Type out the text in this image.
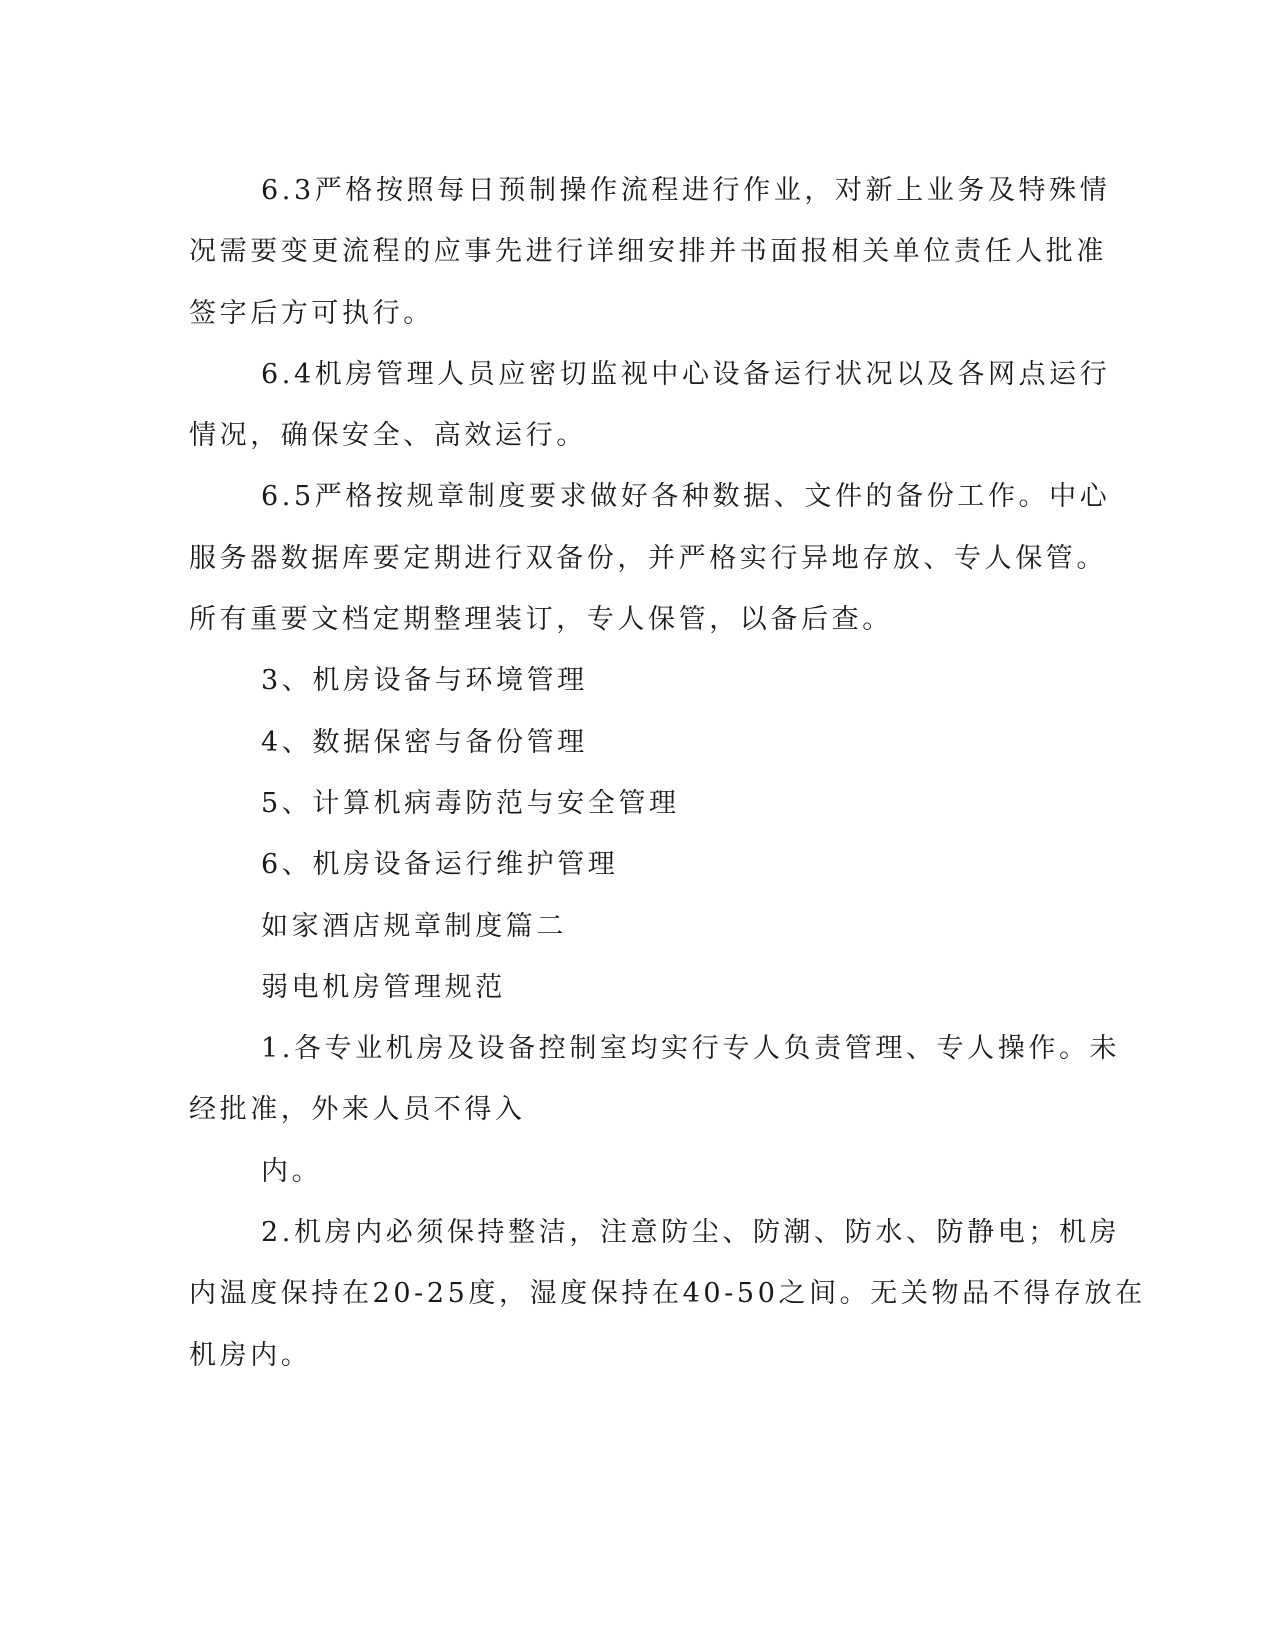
6.3严格按照每日预制操作流程进行作业，对新上业务及特殊情
况需要变更流程的应事先进行详细安排并书面报相关单位责任人批准
签字后方可执行。
6.4机房管理人员应密切监视中心设备运行状况以及各网点运行
情况，确保安全、高效运行。
6.5严格按规章制度要求做好各种数据、文件的备份工作。中心
服务器数据库要定期进行双备份，并严格实行异地存放、专人保管。
所有重要文档定期整理装订，专人保管，以备后查。
3、机房设备与环境管理
4、数据保密与备份管理
5、计算机病毒防范与安全管理
6、机房设备运行维护管理
如家酒店规章制度篇二
弱电机房管理规范
1.各专业机房及设备控制室均实行专人负责管理、专人操作。未
经批准，外来人员不得入
内。
2.机房内必须保持整洁，注意防尘、防潮、防水、防静电；机房
内温度保持在20-25度，湿度保持在40-50之间。无关物品不得存放在
机房内。
